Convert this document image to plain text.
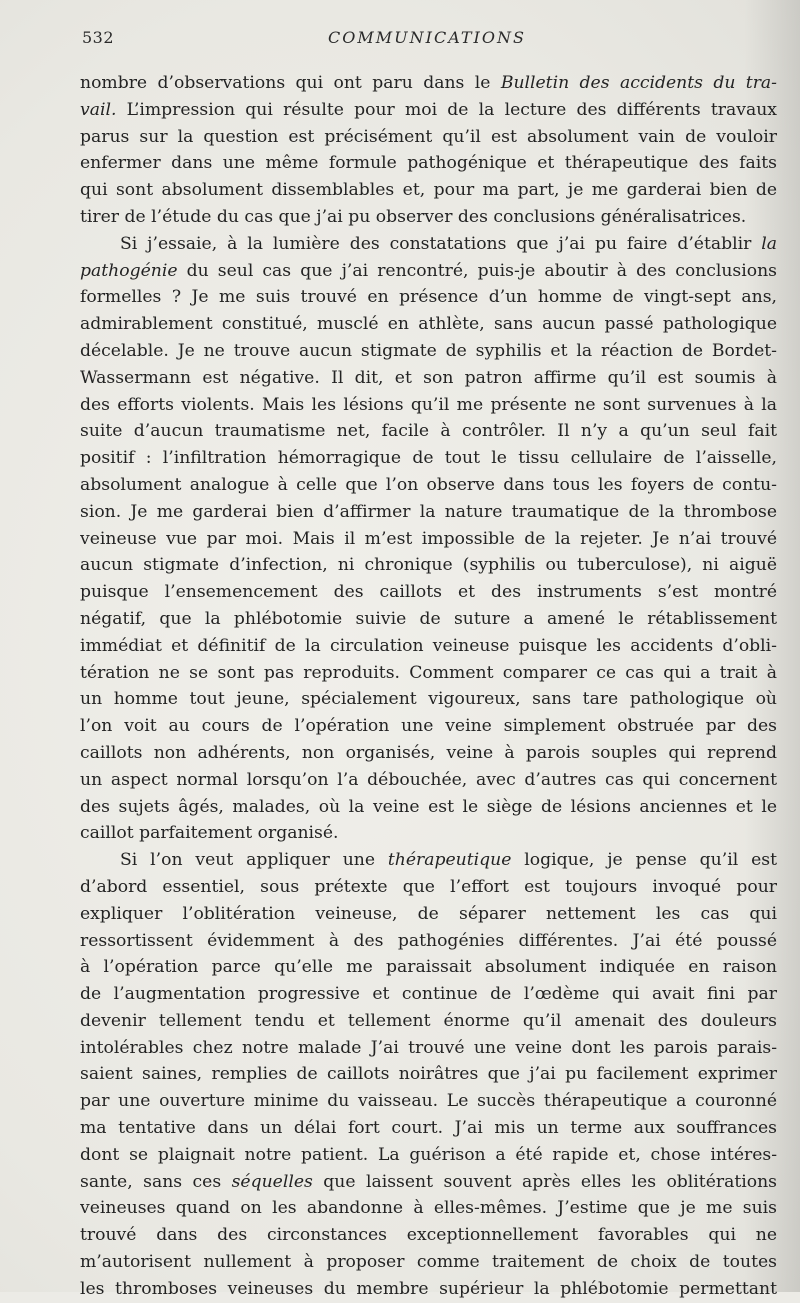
532	COMMUNICATIONS
nombre d’observations qui ont paru dans le Bulletin des accidents du tra-
vail. L’impression qui résulte pour moi de la lecture des différents travaux
parus sur la question est précisément qu’il est absolument vain de vouloir
enfermer dans une même formule pathogénique et thérapeutique des faits
qui sont absolument dissemblables et, pour ma part, je me garderai bien de
tirer de l’étude du cas que j’ai pu observer des conclusions généralisatrices.
Si j’essaie, à la lumière des constatations que j’ai pu faire d’établir la
pathogénie du seul cas que j’ai rencontré, puis-je aboutir à des conclusions
formelles ? Je me suis trouvé en présence d’un homme de vingt-sept ans,
admirablement constitué, musclé en athlète, sans aucun passé pathologique
décelable. Je ne trouve aucun stigmate de syphilis et la réaction de Bordet-
Wassermann est négative. Il dit, et son patron affirme qu’il est soumis à
des efforts violents. Mais les lésions qu’il me présente ne sont survenues à la
suite d’aucun traumatisme net, facile à contrôler. Il n’y a qu’un seul fait
positif : l’infiltration hémorragique de tout le tissu cellulaire de l’aisselle,
absolument analogue à celle que l’on observe dans tous les foyers de contu-
sion. Je me garderai bien d’affirmer la nature traumatique de la thrombose
veineuse vue par moi. Mais il m’est impossible de la rejeter. Je n’ai trouvé
aucun stigmate d’infection, ni chronique (syphilis ou tuberculose), ni aiguë
puisque l’ensemencement des caillots et des instruments s’est montré
négatif, que la phlébotomie suivie de suture a amené le rétablissement
immédiat et définitif de la circulation veineuse puisque les accidents d’obli-
tération ne se sont pas reproduits. Comment comparer ce cas qui a trait à
un homme tout jeune, spécialement vigoureux, sans tare pathologique où
l’on voit au cours de l’opération une veine simplement obstruée par des
caillots non adhérents, non organisés, veine à parois souples qui reprend
un aspect normal lorsqu’on l’a débouchée, avec d’autres cas qui concernent
des sujets âgés, malades, où la veine est le siège de lésions anciennes et le
caillot parfaitement organisé.
Si l’on veut appliquer une thérapeutique logique, je pense qu’il est
d’abord essentiel, sous prétexte que l’effort est toujours invoqué pour
expliquer l’oblitération veineuse, de séparer nettement les cas qui
ressortissent évidemment à des pathogénies différentes. J’ai été poussé
à l’opération parce qu’elle me paraissait absolument indiquée en raison
de l’augmentation progressive et continue de l’œdème qui avait fini par
devenir tellement tendu et tellement énorme qu’il amenait des douleurs
intolérables chez notre malade J’ai trouvé une veine dont les parois parais-
saient saines, remplies de caillots noirâtres que j’ai pu facilement exprimer
par une ouverture minime du vaisseau. Le succès thérapeutique a couronné
ma tentative dans un délai fort court. J’ai mis un terme aux souffrances
dont se plaignait notre patient. La guérison a été rapide et, chose intéres-
sante, sans ces séquelles que laissent souvent après elles les oblitérations
veineuses quand on les abandonne à elles-mêmes. J’estime que je me suis
trouvé dans des circonstances exceptionnellement favorables qui ne
m’autorisent nullement à proposer comme traitement de choix de toutes
les thromboses veineuses du membre supérieur la phlébotomie permettant
